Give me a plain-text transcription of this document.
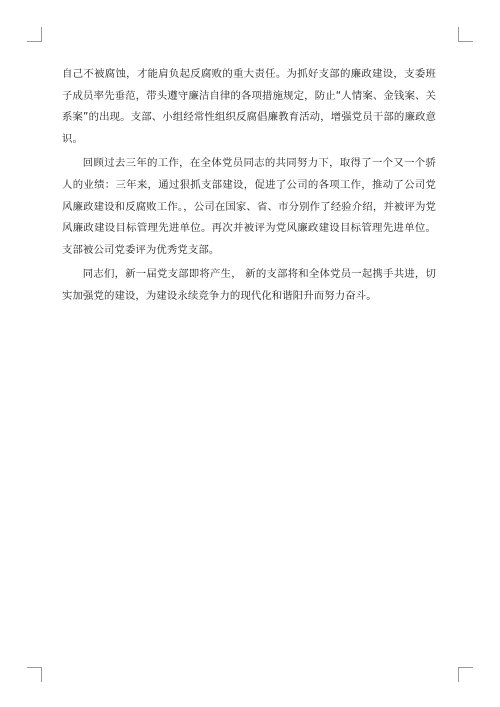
自己不被腐蚀，才能肩负起反腐败的重大责任。为抓好支部的廉政建设，支委班子成员率先垂范，带头遵守廉洁自律的各项措施规定，防止“人情案、金钱案、关系案”的出现。支部、小组经常性组织反腐倡廉教育活动，增强党员干部的廉政意识。

回顾过去三年的工作，在全体党员同志的共同努力下，取得了一个又一个骄人的业绩：三年来，通过狠抓支部建设，促进了公司的各项工作，推动了公司党风廉政建设和反腐败工作。，公司在国家、省、市分别作了经验介绍，并被评为党风廉政建设目标管理先进单位。再次并被评为党风廉政建设目标管理先进单位。支部被公司党委评为优秀党支部。

同志们，新一届党支部即将产生， 新的支部将和全体党员一起携手共进，切实加强党的建设，为建设永续竞争力的现代化和谐阳升而努力奋斗。
